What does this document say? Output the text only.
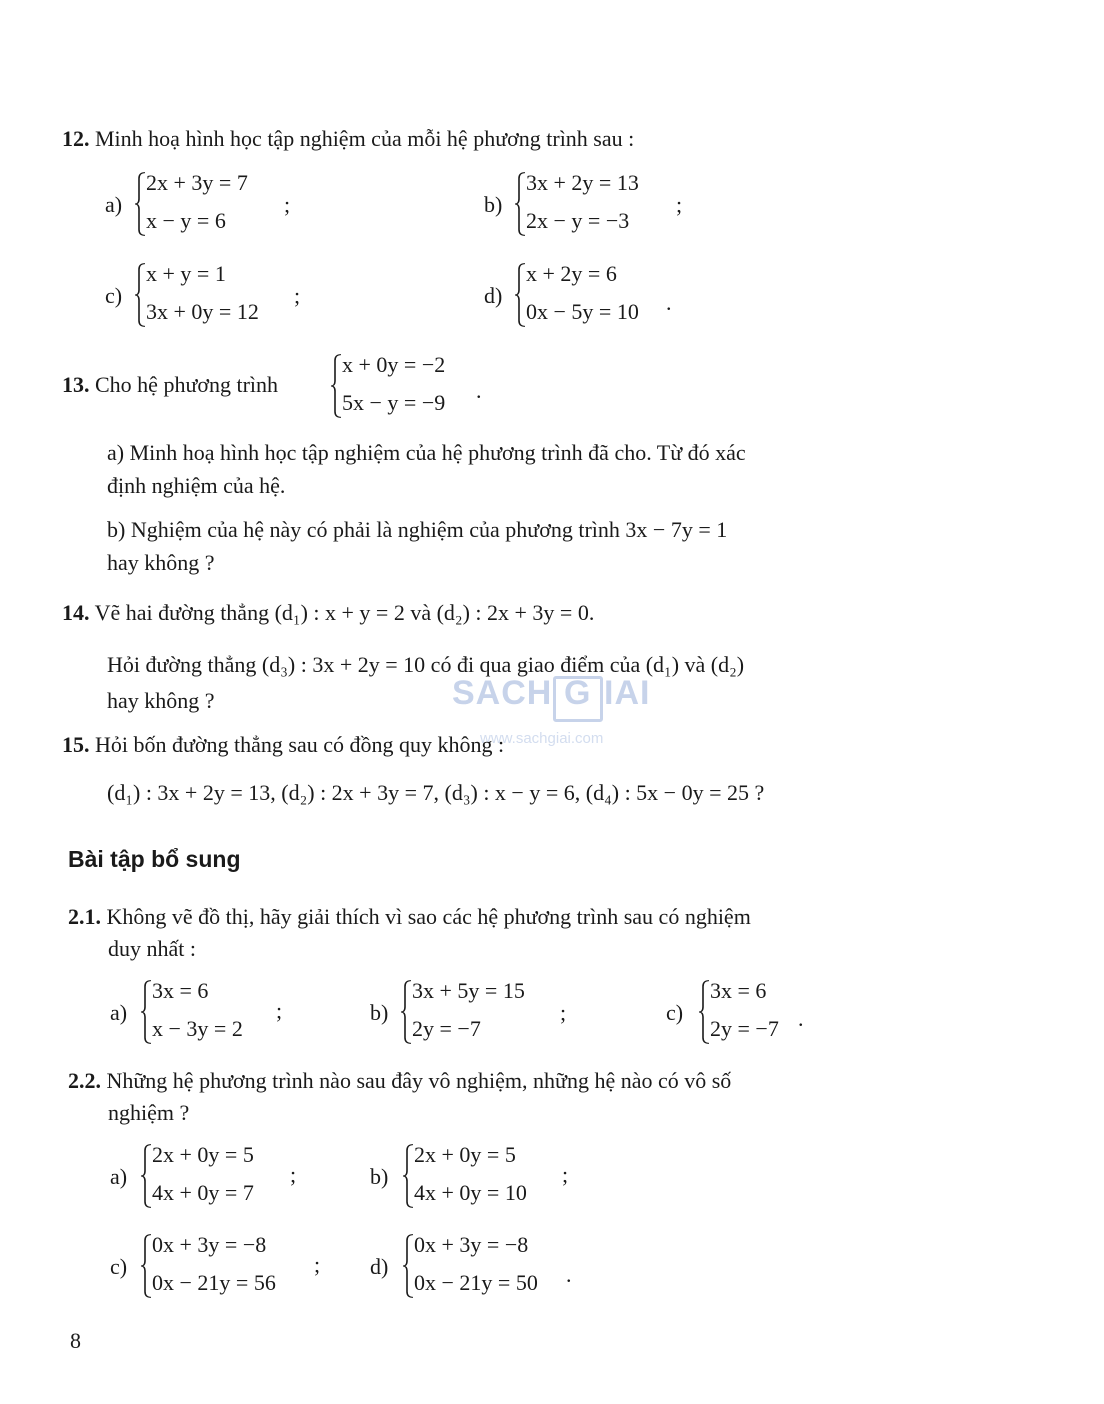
SACH G IAI
www.sachgiai.com
12. Minh hoạ hình học tập nghiệm của mỗi hệ phương trình sau :
a)
2x + 3y = 7
x − y = 6
;	b)
3x + 2y = 13
2x − y = −3
;
c)
x + y = 1
3x + 0y = 12
;	d)
x + 2y = 6
0x − 5y = 10 .
13. Cho hệ phương trình
x + 0y = −2
5x − y = −9 .
a) Minh hoạ hình học tập nghiệm của hệ phương trình đã cho. Từ đó xác
định nghiệm của hệ.
b) Nghiệm của hệ này có phải là nghiệm của phương trình 3x − 7y = 1
hay không ?
14. Vẽ hai đường thẳng (d₁) : x + y = 2 và (d₂) : 2x + 3y = 0.
Hỏi đường thẳng (d₃) : 3x + 2y = 10 có đi qua giao điểm của (d₁) và (d₂)
hay không ?
15. Hỏi bốn đường thẳng sau có đồng quy không :
(d₁) : 3x + 2y = 13, (d₂) : 2x + 3y = 7, (d₃) : x − y = 6, (d₄) : 5x − 0y = 25 ?
Bài tập bổ sung
2.1. Không vẽ đồ thị, hãy giải thích vì sao các hệ phương trình sau có nghiệm
duy nhất :
a)
3x = 6
x − 3y = 2
;	b)
3x + 5y = 15
2y = −7
;	c)
3x = 6
2y = −7 .
2.2. Những hệ phương trình nào sau đây vô nghiệm, những hệ nào có vô số
nghiệm ?
a)
2x + 0y = 5
4x + 0y = 7
;	b)
2x + 0y = 5
4x + 0y = 10
;
c)
0x + 3y = −8
0x − 21y = 56
; d)
0x + 3y = −8
0x − 21y = 50 .
8
